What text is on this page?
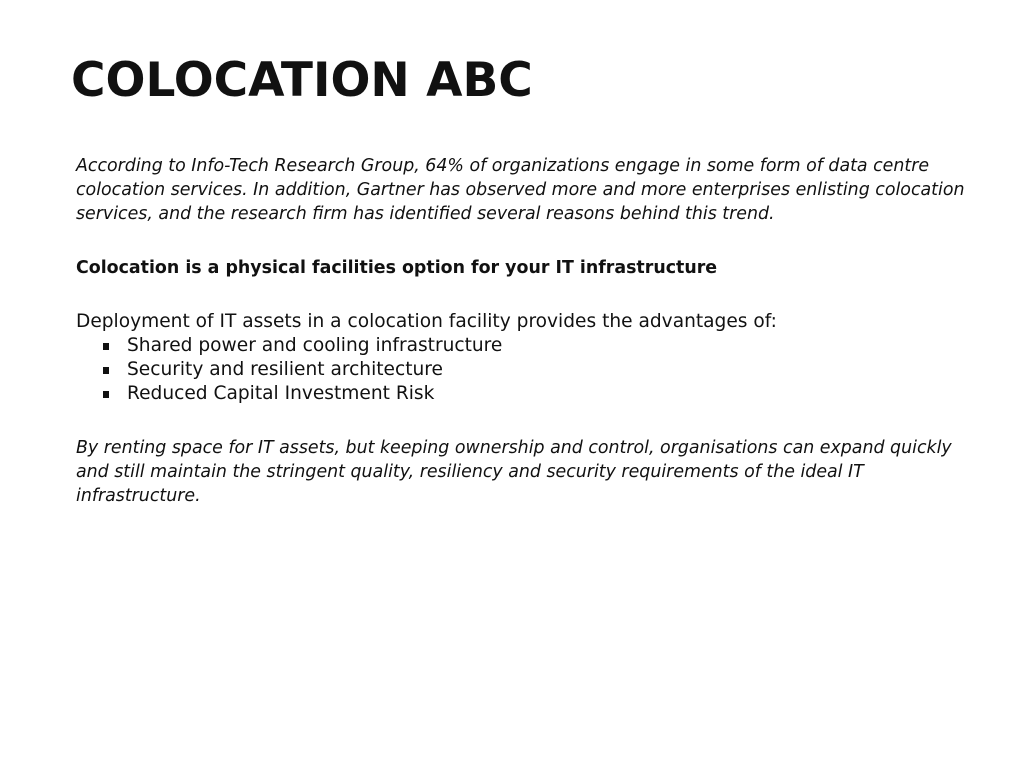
COLOCATION ABC

According to Info-Tech Research Group, 64% of organizations engage in some form of data centre colocation services. In addition, Gartner has observed more and more enterprises enlisting colocation services, and the research firm has identified several reasons behind this trend.

Colocation is a physical facilities option for your IT infrastructure

Deployment of IT assets in a colocation facility provides the advantages of:

Shared power and cooling infrastructure
Security and resilient architecture
Reduced Capital Investment Risk

By renting space for IT assets, but keeping ownership and control, organisations can expand quickly and still maintain the stringent quality, resiliency and security requirements of the ideal IT infrastructure.
